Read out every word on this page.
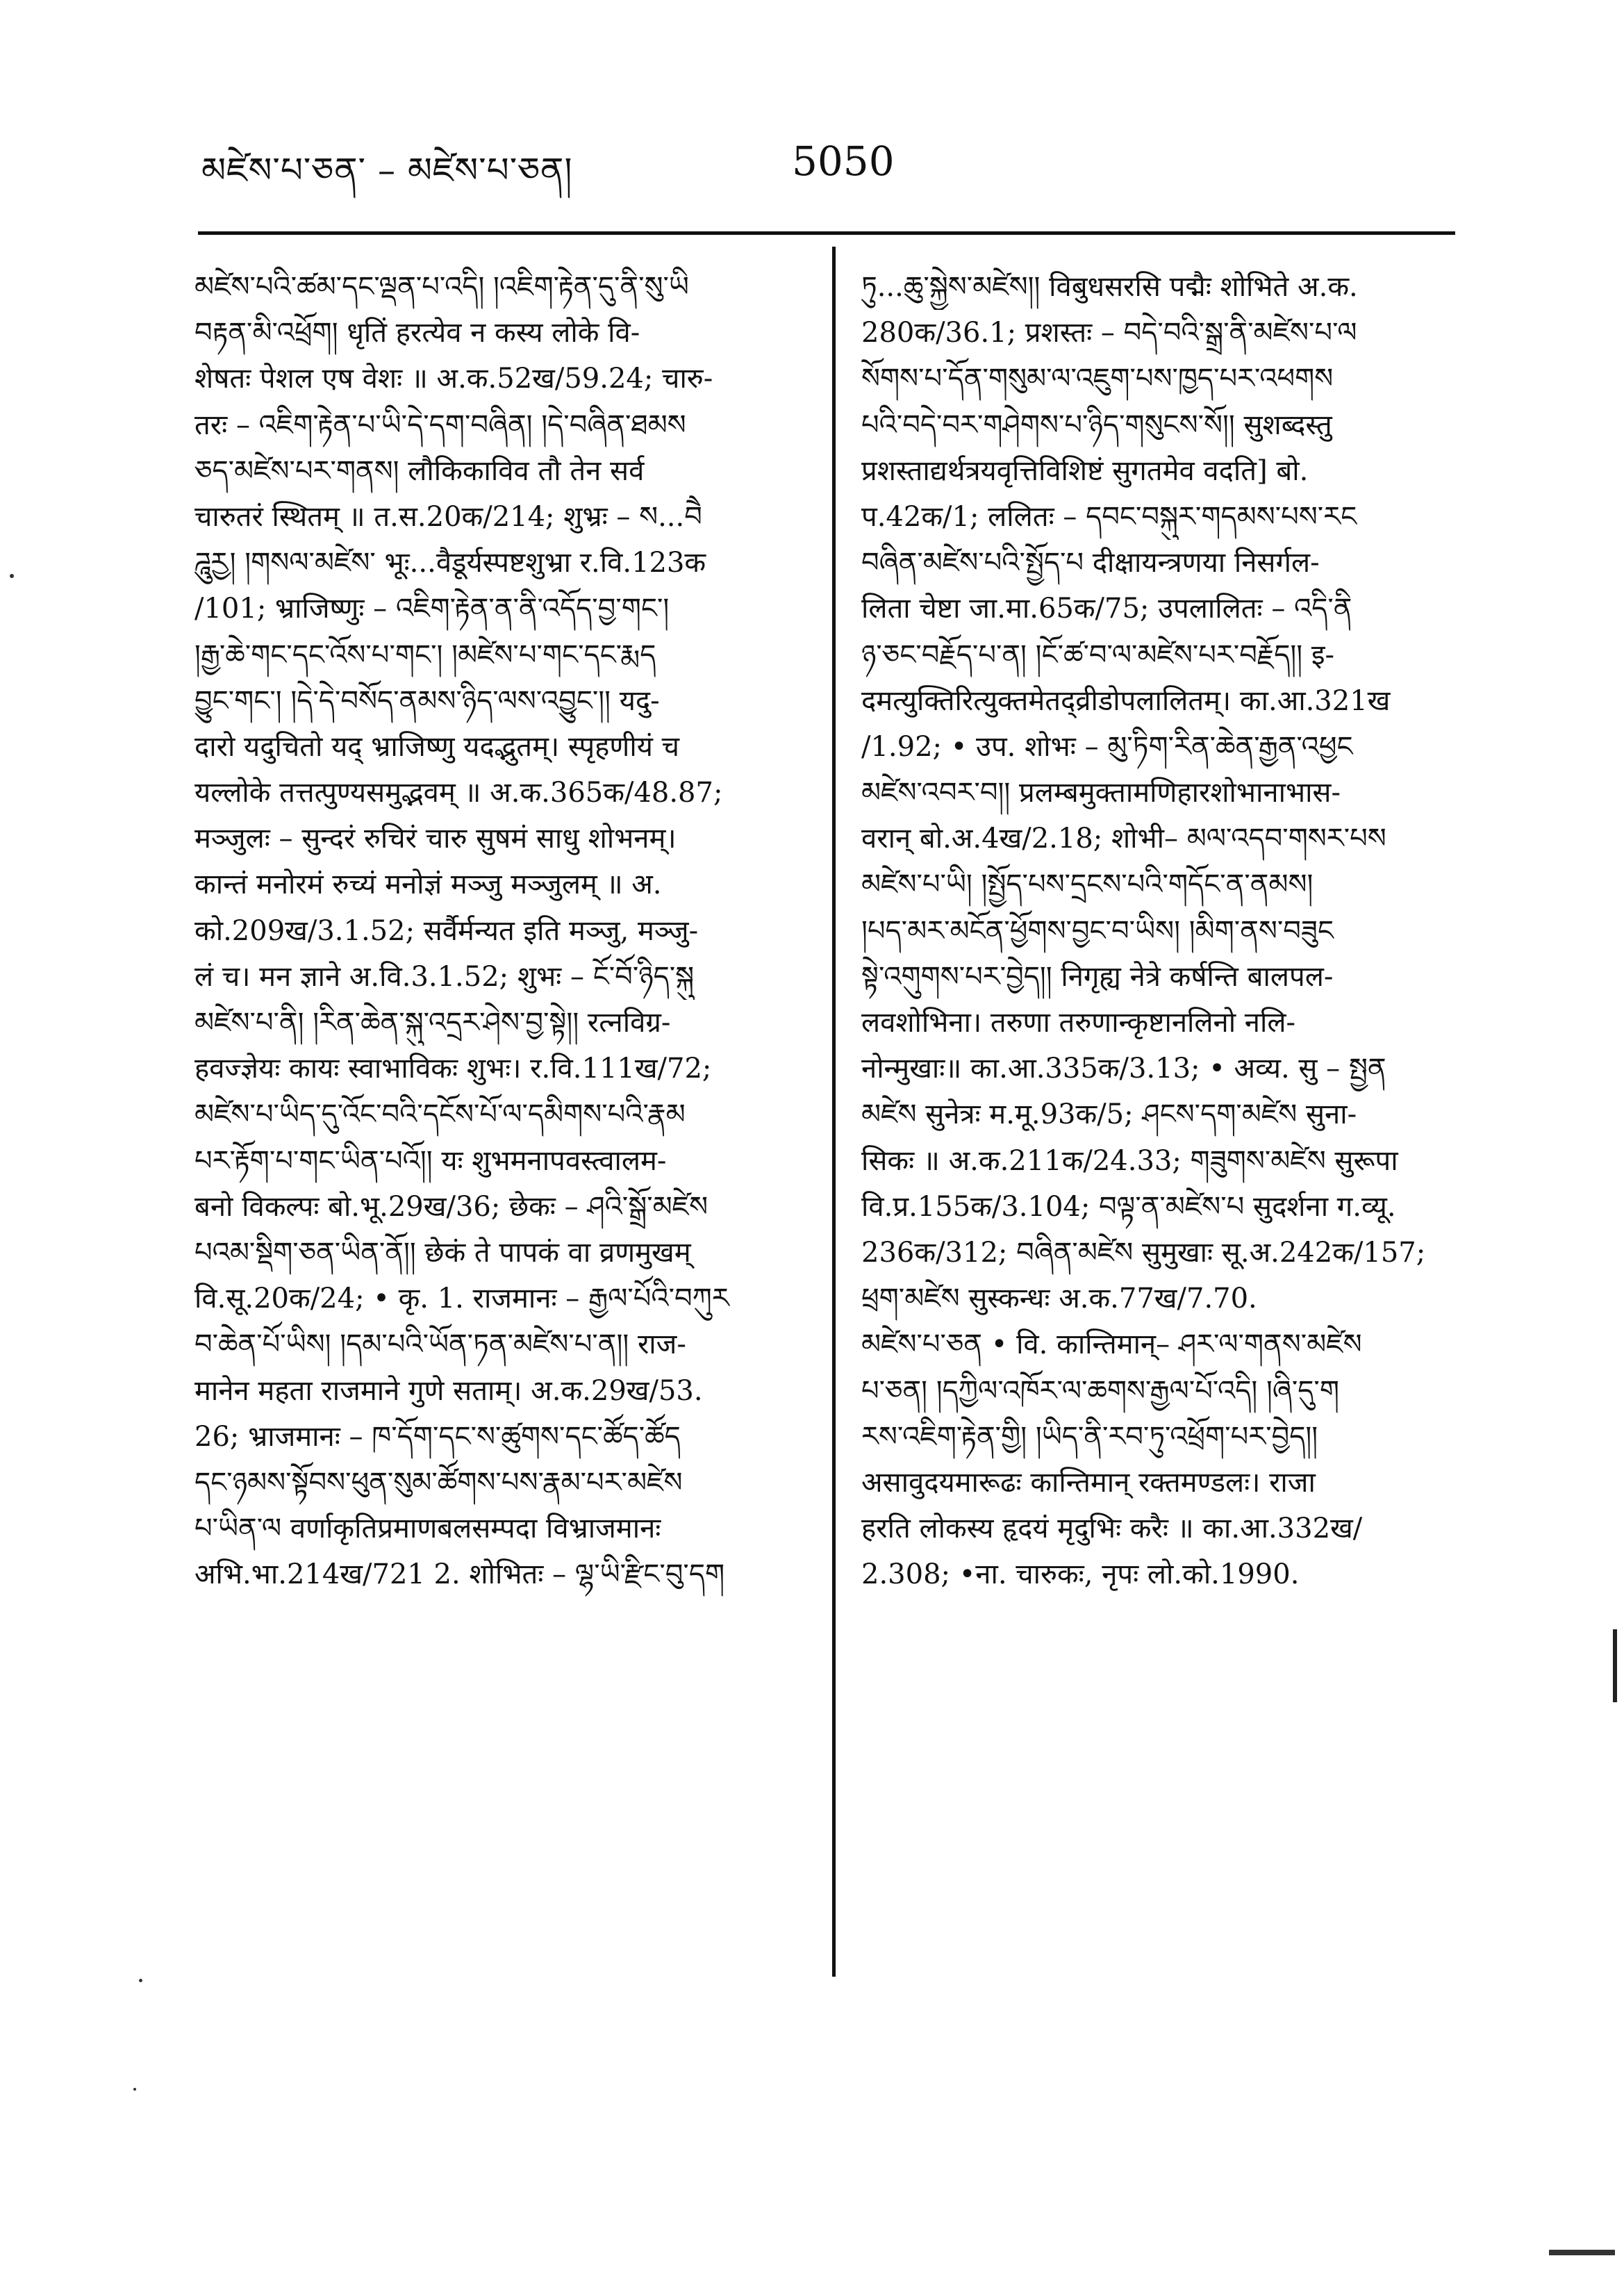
མཛེས་པ་ཅན་ – མཛེས་པ་ཅན།	5050
མཛེས་པའི་ཚམ་དང་ལྡན་པ་འདི། །འཇིག་རྟེན་དུ་ནི་སུ་ཡི
བརྟན་མི་འཕྲོག། धृतिं हरत्येव न कस्य लोके वि-
शेषतः पेशल एष वेशः ॥ अ.क.52ख/59.24; चारु-
तरः – འཇིག་རྟེན་པ་ཡི་དེ་དག་བཞིན། །དེ་བཞིན་ཐམས
ཅད་མཛེས་པར་གནས། लौकिकाविव तौ तेन सर्व
चारुतरं स्थितम् ॥ त.स.20क/214; शुभ्रः – ས...བཻ
ཌཱུརྱ། །གསལ་མཛེས་ भूः...वैडूर्यस्पष्टशुभ्रा र.वि.123क
/101; भ्राजिष्णुः – འཇིག་རྟེན་ན་ནི་འདོད་བྱ་གང་།
།རྒྱ་ཆེ་གང་དང་འོས་པ་གང་། །མཛེས་པ་གང་དང་རྨད
བྱུང་གང་། །དེ་དེ་བསོད་ནམས་ཉིད་ལས་འབྱུང་།། यदु-
दारो यदुचितो यद् भ्राजिष्णु यदद्भुतम्। स्पृहणीयं च
यल्लोके तत्तत्पुण्यसमुद्भवम् ॥ अ.क.365क/48.87;
मञ्जुलः – सुन्दरं रुचिरं चारु सुषमं साधु शोभनम्।
कान्तं मनोरमं रुच्यं मनोज्ञं मञ्जु मञ्जुलम् ॥ अ.
को.209ख/3.1.52; सर्वैर्मन्यत इति मञ्जु, मञ्जु-
लं च। मन ज्ञाने अ.वि.3.1.52; शुभः – ངོ་བོ་ཉིད་སྐུ
མཛེས་པ་ནི། །རིན་ཆེན་སྐུ་འདྲར་ཤེས་བྱ་སྟེ།། रत्नविग्र-
हवज्ज्ञेयः कायः स्वाभाविकः शुभः। र.वि.111ख/72;
མཛེས་པ་ཡིད་དུ་འོང་བའི་དངོས་པོ་ལ་དམིགས་པའི་རྣམ
པར་རྟོག་པ་གང་ཡིན་པའོ།། यः शुभमनापवस्त्वालम-
बनो विकल्पः बो.भू.29ख/36; छेकः – ཤའི་སྒྲོ་མཛེས
པའམ་སྡིག་ཅན་ཡིན་ནོ།། छेकं ते पापकं वा व्रणमुखम्
वि.सू.20क/24; • कृ. 1. राजमानः – རྒྱལ་པོའི་བཀུར
བ་ཆེན་པོ་ཡིས། །དམ་པའི་ཡོན་ཏན་མཛེས་པ་ན།། राज-
मानेन महता राजमाने गुणे सताम्। अ.क.29ख/53.
26; भ्राजमानः – ཁ་དོག་དང་ས་ཚུགས་དང་ཚོད་ཚོད
དང་ཉམས་སྟོབས་ཕུན་སུམ་ཚོགས་པས་རྣམ་པར་མཛེས
པ་ཡིན་ལ वर्णाकृतिप्रमाणबलसम्पदा विभ्राजमानः
अभि.भा.214ख/721 2. शोभितः – ལྷ་ཡི་རྫིང་བུ་དག
ཏུ...ཆུ་སྐྱེས་མཛེས།། विबुधसरसि पद्मैः शोभिते अ.क.
280क/36.1; प्रशस्तः – བདེ་བའི་སྒྲ་ནི་མཛེས་པ་ལ
སོགས་པ་དོན་གསུམ་ལ་འཇུག་པས་ཁྱད་པར་འཕགས
པའི་བདེ་བར་གཤེགས་པ་ཉིད་གསུངས་སོ།། सुशब्दस्तु
प्रशस्ताद्यर्थत्रयवृत्तिविशिष्टं सुगतमेव वदति] बो.
प.42क/1; ललितः – དབང་བསྐུར་གདམས་པས་རང
བཞིན་མཛེས་པའི་སྤྱོད་པ दीक्षायन्त्रणया निसर्गल-
लिता चेष्टा जा.मा.65क/75; उपलालितः – འདི་ནི
ཉ་ཅང་བརྗོད་པ་ན། །ངོ་ཚ་བ་ལ་མཛེས་པར་བརྗོད།། इ-
दमत्युक्तिरित्युक्तमेतद्व्रीडोपलालितम्। का.आ.321ख
/1.92; • उप. शोभः – མུ་ཏིག་རིན་ཆེན་རྒྱན་འཕྱང
མཛེས་འབར་བ།། प्रलम्बमुक्तामणिहारशोभानाभास-
वरान् बो.अ.4ख/2.18; शोभी– མལ་འདབ་གསར་པས
མཛེས་པ་ཡི། །སྤྱོད་པས་དྲངས་པའི་གདོང་ན་ནམས།
།པད་མར་མངོན་ཕྱོགས་བྱང་བ་ཡིས། །མིག་ནས་བཟུང
སྟེ་འགུགས་པར་བྱེད།། निगृह्य नेत्रे कर्षन्ति बालपल-
लवशोभिना। तरुणा तरुणान्कृष्टानलिनो नलि-
नोन्मुखाः॥ का.आ.335क/3.13; • अव्य. सु – སྤྱན
མཛེས सुनेत्रः म.मू.93क/5; ཤངས་དག་མཛེས सुना-
सिकः ॥ अ.क.211क/24.33; གཟུགས་མཛེས सुरूपा
वि.प्र.155क/3.104; བལྟ་ན་མཛེས་པ सुदर्शना ग.व्यू.
236क/312; བཞིན་མཛེས सुमुखाः सू.अ.242क/157;
ཕྲག་མཛེས सुस्कन्धः अ.क.77ख/7.70.
མཛེས་པ་ཅན • वि. कान्तिमान्– ཤར་ལ་གནས་མཛེས
པ་ཅན། །དཀྱིལ་འཁོར་ལ་ཆགས་རྒྱལ་པོ་འདི། །ཞི་དུ་ག
རས་འཇིག་རྟེན་གྱི། །ཡིད་ནི་རབ་ཏུ་འཕྲོག་པར་བྱེད།།
असावुदयमारूढः कान्तिमान् रक्तमण्डलः। राजा
हरति लोकस्य हृदयं मृदुभिः करैः ॥ का.आ.332ख/
2.308; •ना. चारुकः, नृपः लो.को.1990.
